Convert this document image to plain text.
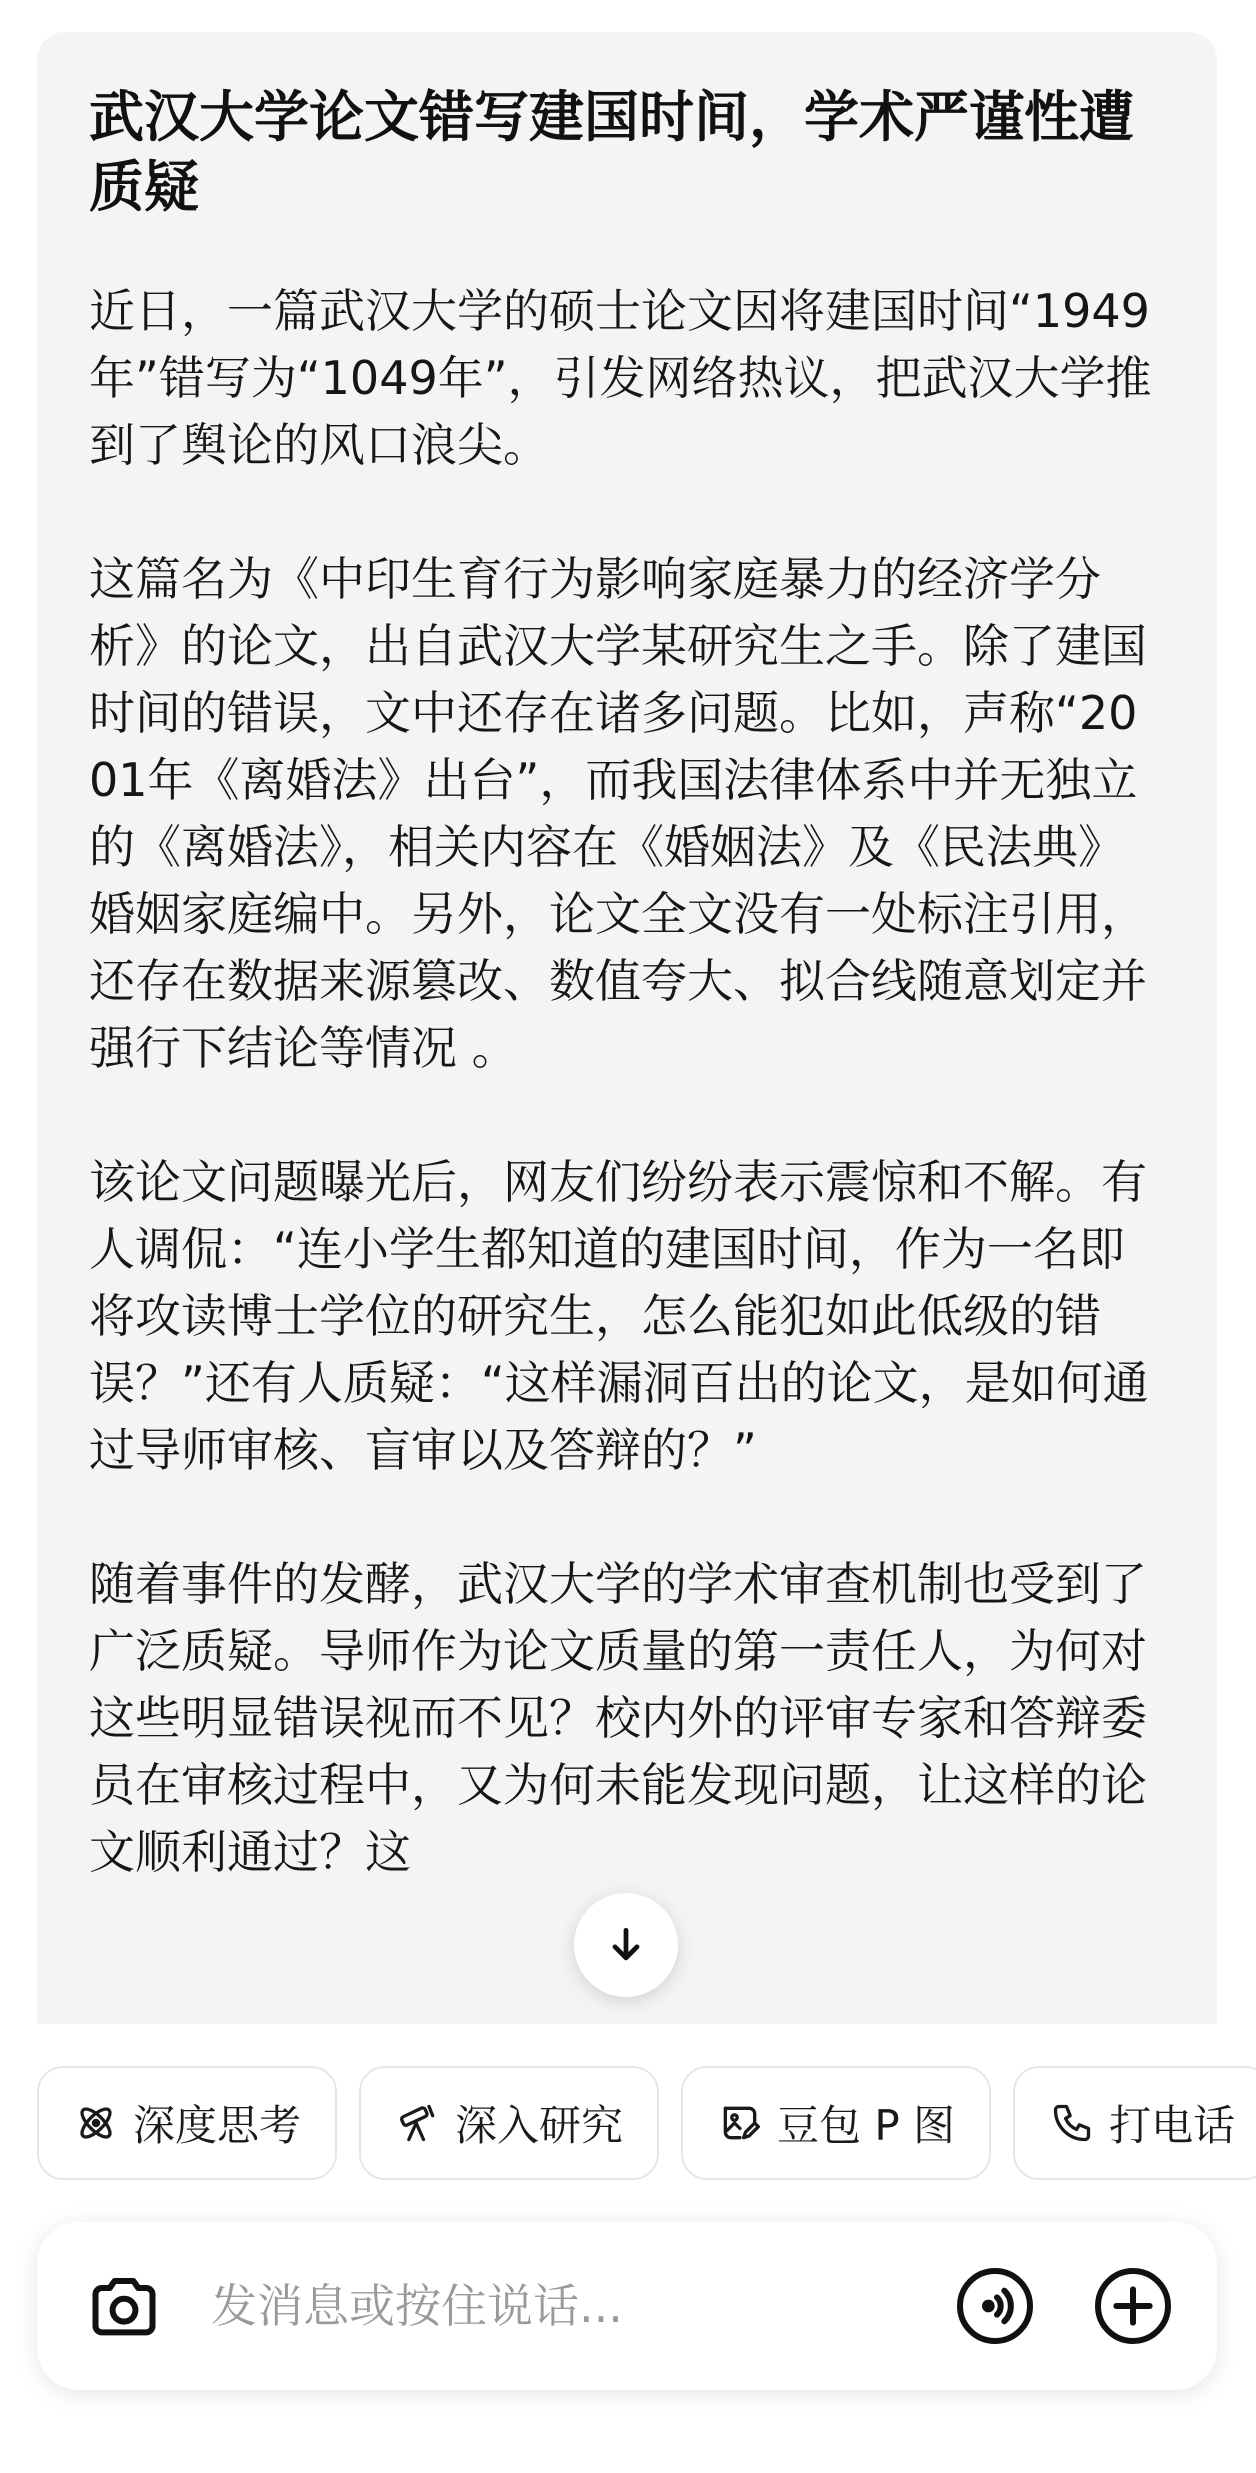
武汉大学论文错写建国时间，学术严谨性遭质疑

近日，一篇武汉大学的硕士论文因将建国时间“1949年”错写为“1049年”，引发网络热议，把武汉大学推到了舆论的风口浪尖。

这篇名为《中印生育行为影响家庭暴力的经济学分析》的论文，出自武汉大学某研究生之手。除了建国时间的错误，文中还存在诸多问题。比如，声称“2001年《离婚法》出台”，而我国法律体系中并无独立的《离婚法》，相关内容在《婚姻法》及《民法典》婚姻家庭编中。另外，论文全文没有一处标注引用，还存在数据来源篡改、数值夸大、拟合线随意划定并强行下结论等情况 。

该论文问题曝光后，网友们纷纷表示震惊和不解。有人调侃：“连小学生都知道的建国时间，作为一名即将攻读博士学位的研究生，怎么能犯如此低级的错误？”还有人质疑：“这样漏洞百出的论文，是如何通过导师审核、盲审以及答辩的？”

随着事件的发酵，武汉大学的学术审查机制也受到了广泛质疑。导师作为论文质量的第一责任人，为何对这些明显错误视而不见？校内外的评审专家和答辩委员在审核过程中，又为何未能发现问题，让这样的论文顺利通过？这

深度思考	深入研究	豆包 P 图	打电话
发消息或按住说话...
